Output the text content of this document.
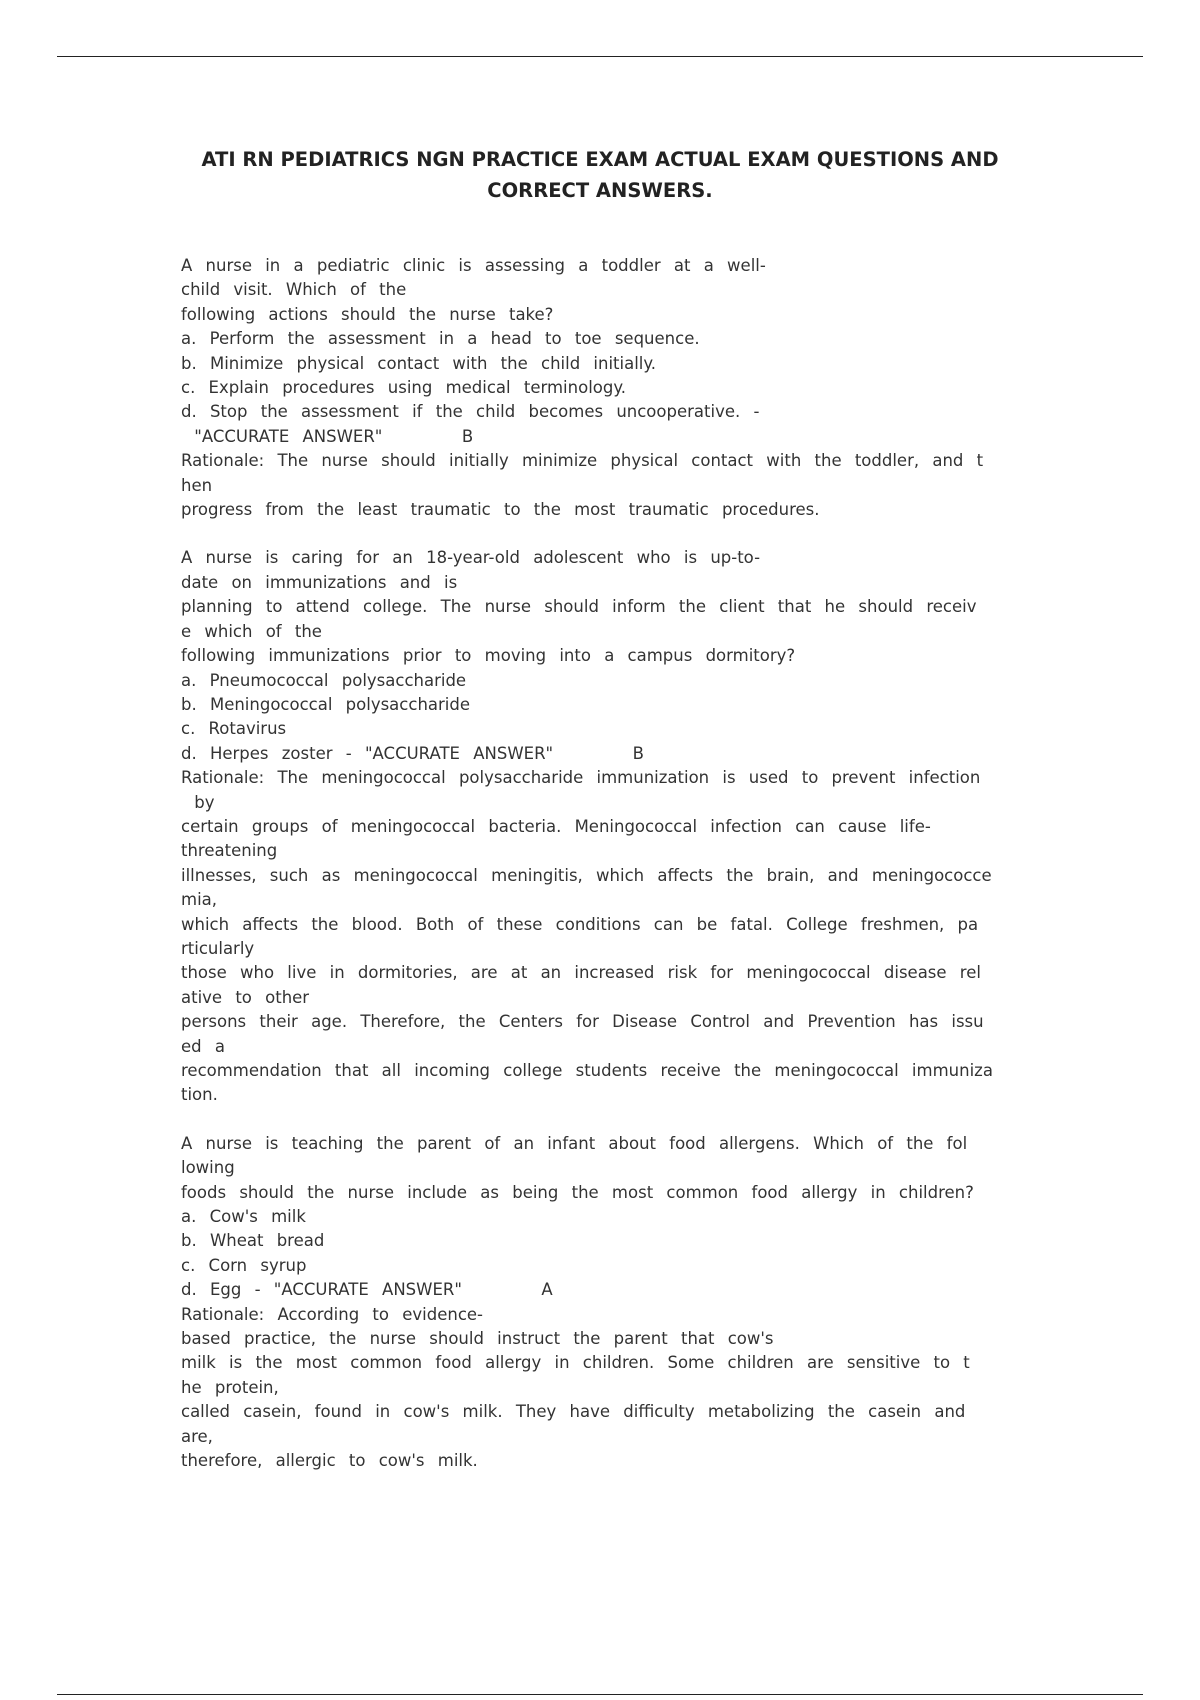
ATI RN PEDIATRICS NGN PRACTICE EXAM ACTUAL EXAM QUESTIONS AND
CORRECT ANSWERS.
A nurse in a pediatric clinic is assessing a toddler at a well-
child visit. Which of the
following actions should the nurse take?
a. Perform the assessment in a head to toe sequence.
b. Minimize physical contact with the child initially.
c. Explain procedures using medical terminology.
d. Stop the assessment if the child becomes uncooperative. -
"ACCURATE ANSWER"      B
Rationale: The nurse should initially minimize physical contact with the toddler, and t
hen
progress from the least traumatic to the most traumatic procedures.
A nurse is caring for an 18-year-old adolescent who is up-to-
date on immunizations and is
planning to attend college. The nurse should inform the client that he should receiv
e which of the
following immunizations prior to moving into a campus dormitory?
a. Pneumococcal polysaccharide
b. Meningococcal polysaccharide
c. Rotavirus
d. Herpes zoster - "ACCURATE ANSWER"      B
Rationale: The meningococcal polysaccharide immunization is used to prevent infection
by
certain groups of meningococcal bacteria. Meningococcal infection can cause life-
threatening
illnesses, such as meningococcal meningitis, which affects the brain, and meningococce
mia,
which affects the blood. Both of these conditions can be fatal. College freshmen, pa
rticularly
those who live in dormitories, are at an increased risk for meningococcal disease rel
ative to other
persons their age. Therefore, the Centers for Disease Control and Prevention has issu
ed a
recommendation that all incoming college students receive the meningococcal immuniza
tion.
A nurse is teaching the parent of an infant about food allergens. Which of the fol
lowing
foods should the nurse include as being the most common food allergy in children?
a. Cow's milk
b. Wheat bread
c. Corn syrup
d. Egg - "ACCURATE ANSWER"      A
Rationale: According to evidence-
based practice, the nurse should instruct the parent that cow's
milk is the most common food allergy in children. Some children are sensitive to t
he protein,
called casein, found in cow's milk. They have difficulty metabolizing the casein and
are,
therefore, allergic to cow's milk.
